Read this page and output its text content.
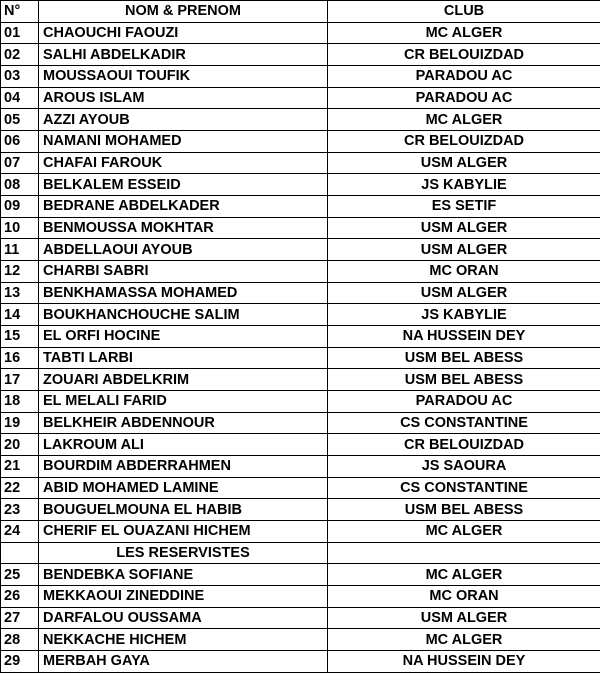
N°	NOM & PRENOM	CLUB
01	CHAOUCHI FAOUZI	MC ALGER
02	SALHI ABDELKADIR	CR BELOUIZDAD
03	MOUSSAOUI TOUFIK	PARADOU AC
04	AROUS ISLAM	PARADOU AC
05	AZZI AYOUB	MC ALGER
06	NAMANI MOHAMED	CR BELOUIZDAD
07	CHAFAI FAROUK	USM ALGER
08	BELKALEM ESSEID	JS KABYLIE
09	BEDRANE ABDELKADER	ES SETIF
10	BENMOUSSA MOKHTAR	USM ALGER
11	ABDELLAOUI AYOUB	USM ALGER
12	CHARBI SABRI	MC ORAN
13	BENKHAMASSA MOHAMED	USM ALGER
14	BOUKHANCHOUCHE SALIM	JS KABYLIE
15	EL ORFI HOCINE	NA HUSSEIN DEY
16	TABTI LARBI	USM BEL ABESS
17	ZOUARI ABDELKRIM	USM BEL ABESS
18	EL MELALI FARID	PARADOU AC
19	BELKHEIR ABDENNOUR	CS CONSTANTINE
20	LAKROUM ALI	CR BELOUIZDAD
21	BOURDIM ABDERRAHMEN	JS SAOURA
22	ABID MOHAMED LAMINE	CS CONSTANTINE
23	BOUGUELMOUNA EL HABIB	USM BEL ABESS
24	CHERIF EL OUAZANI HICHEM	MC ALGER
	LES RESERVISTES	
25	BENDEBKA SOFIANE	MC ALGER
26	MEKKAOUI ZINEDDINE	MC ORAN
27	DARFALOU OUSSAMA	USM ALGER
28	NEKKACHE HICHEM	MC ALGER
29	MERBAH GAYA	NA HUSSEIN DEY
